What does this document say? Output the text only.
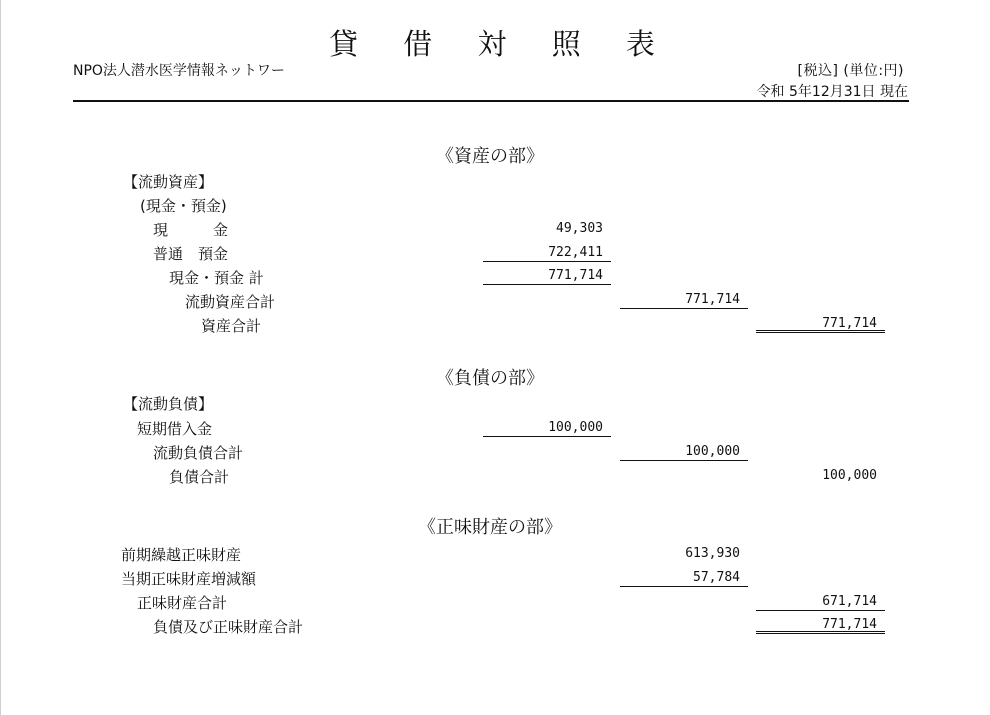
貸 借 対 照 表
NPO法人潜水医学情報ネットワー	[税込] (単位:円)
令和 5年12月31日 現在
《資産の部》
【流動資産】
(現金・預金)
現　　　金	49,303
普通　預金	722,411
現金・預金 計	771,714
流動資産合計	771,714
資産合計	771,714
《負債の部》
【流動負債】
短期借入金	100,000
流動負債合計	100,000
負債合計	100,000
《正味財産の部》
前期繰越正味財産	613,930
当期正味財産増減額	57,784
正味財産合計	671,714
負債及び正味財産合計	771,714
